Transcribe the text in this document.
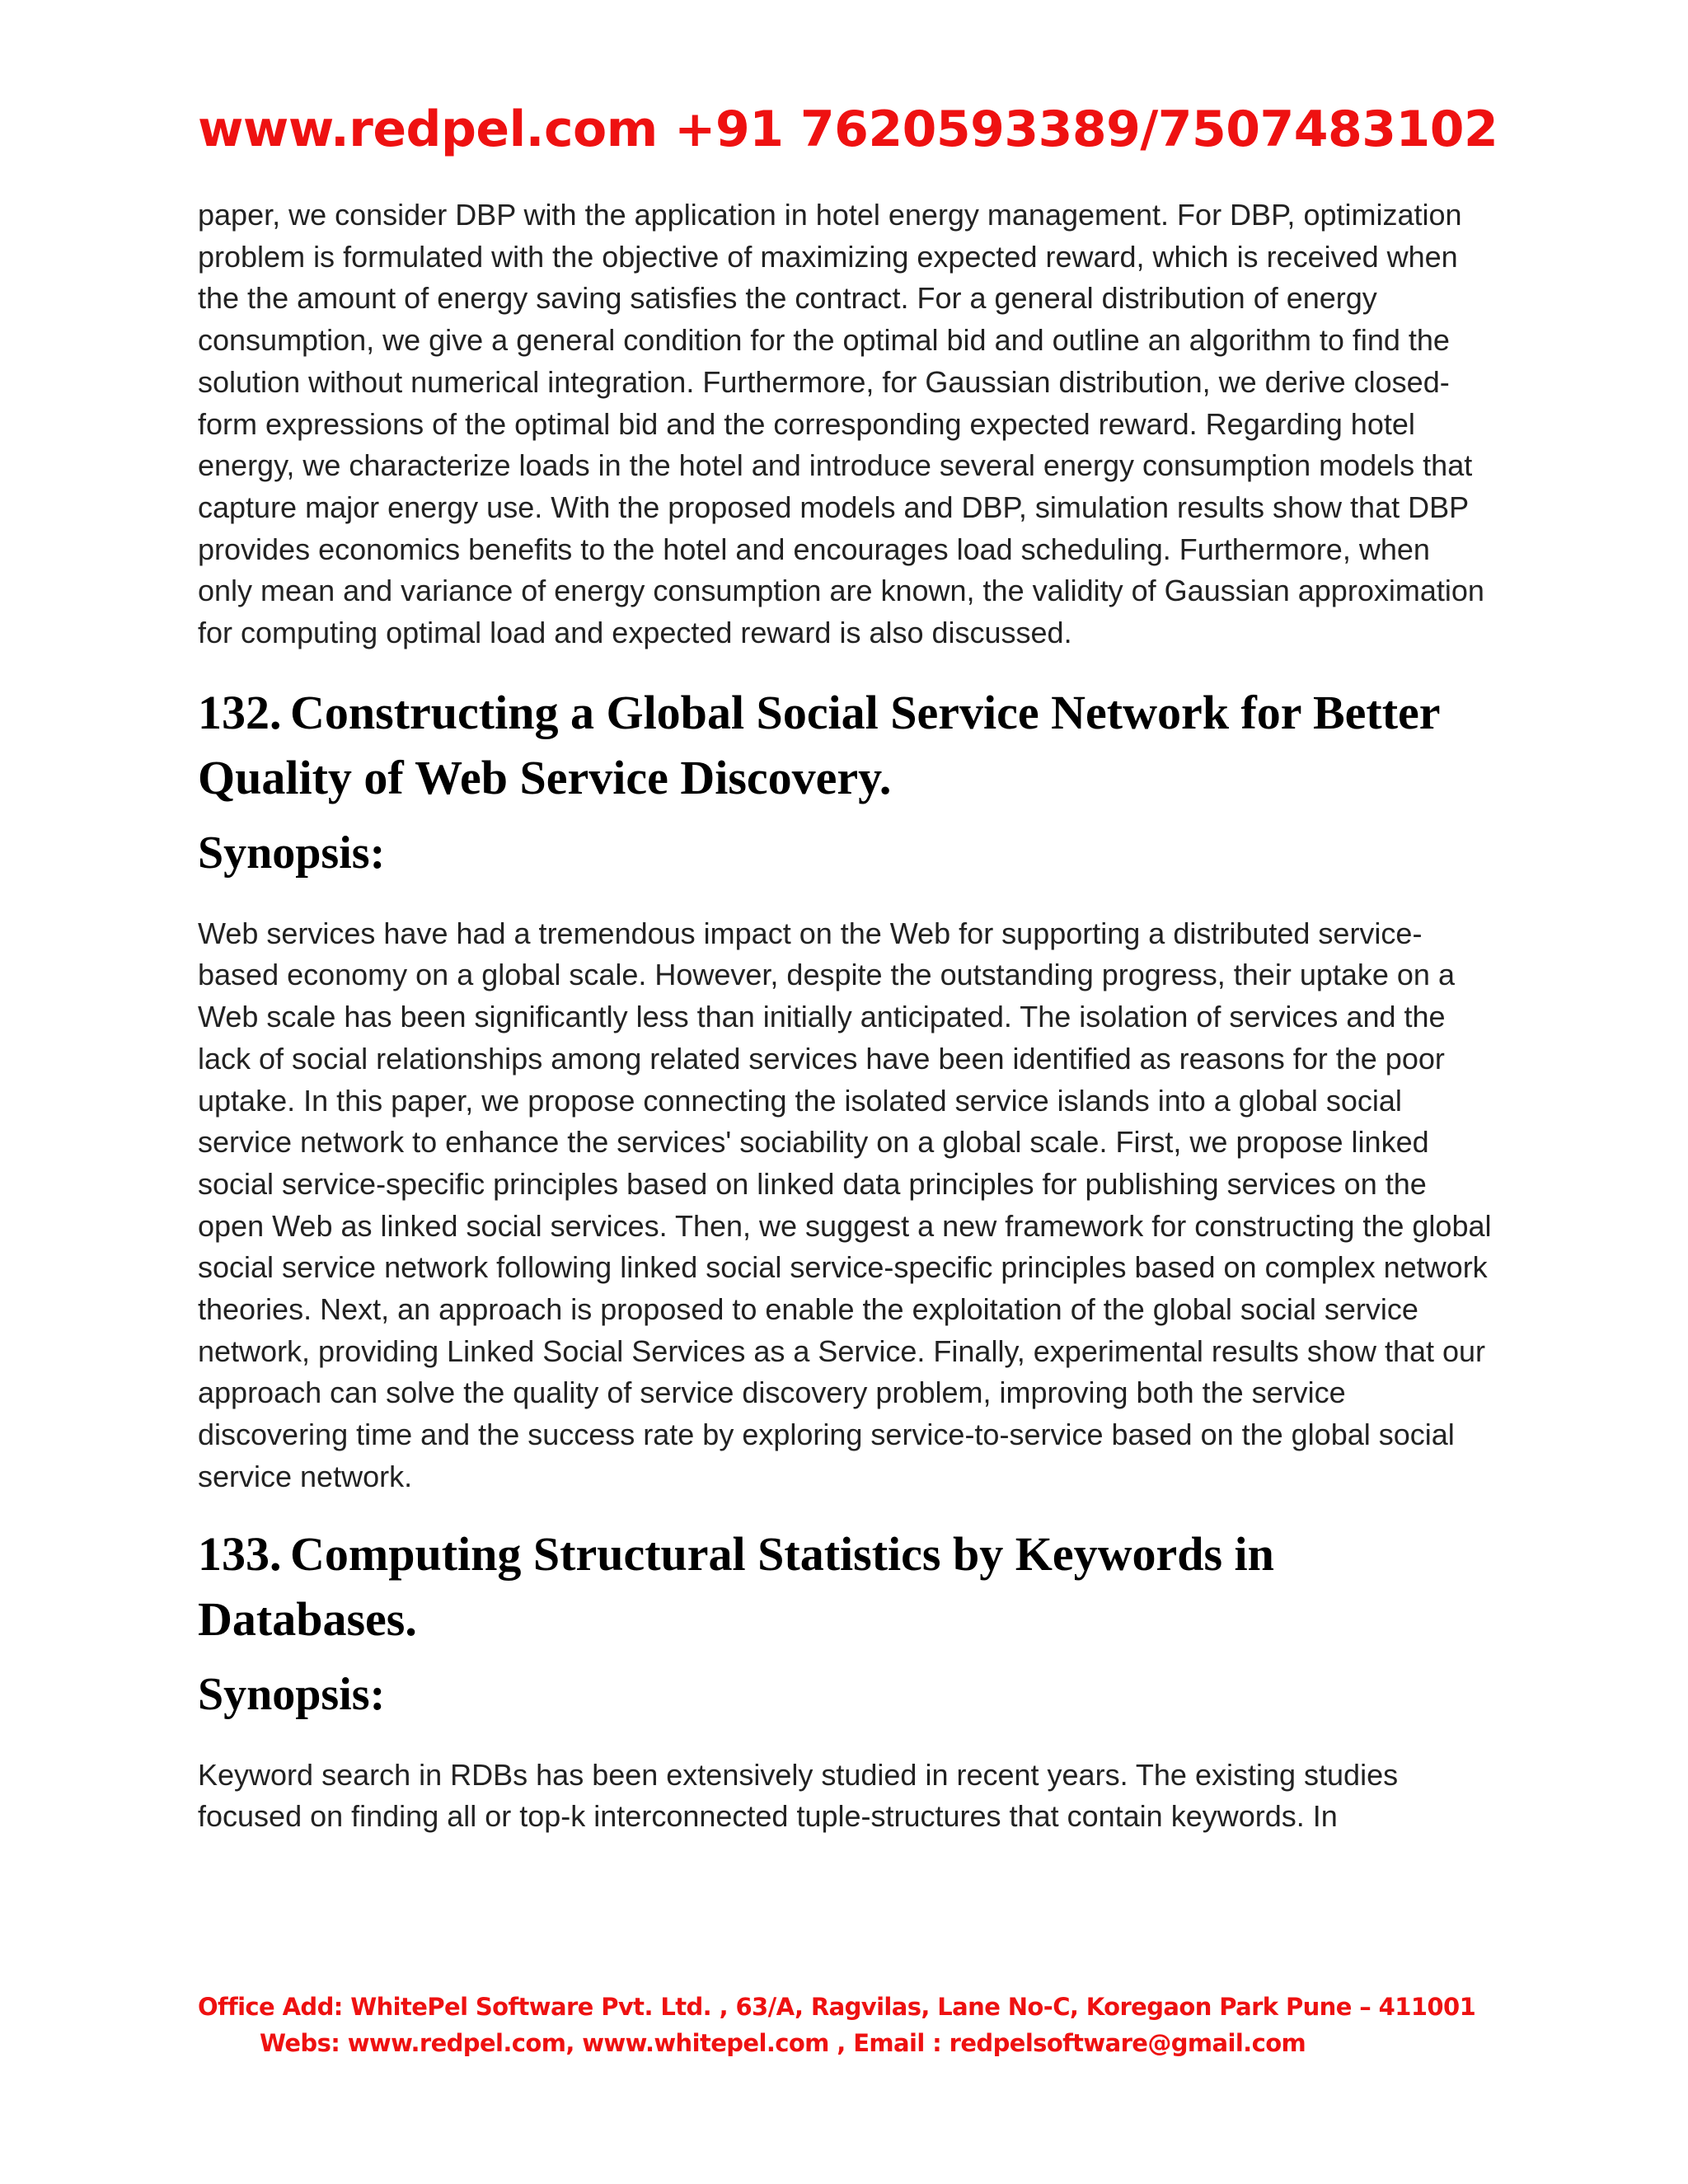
www.redpel.com +91 7620593389/7507483102

paper, we consider DBP with the application in hotel energy management. For DBP, optimization problem is formulated with the objective of maximizing expected reward, which is received when the the amount of energy saving satisfies the contract. For a general distribution of energy consumption, we give a general condition for the optimal bid and outline an algorithm to find the solution without numerical integration. Furthermore, for Gaussian distribution, we derive closed-form expressions of the optimal bid and the corresponding expected reward. Regarding hotel energy, we characterize loads in the hotel and introduce several energy consumption models that capture major energy use. With the proposed models and DBP, simulation results show that DBP provides economics benefits to the hotel and encourages load scheduling. Furthermore, when only mean and variance of energy consumption are known, the validity of Gaussian approximation for computing optimal load and expected reward is also discussed.

132. Constructing a Global Social Service Network for Better Quality of Web Service Discovery.
Synopsis:

Web services have had a tremendous impact on the Web for supporting a distributed service-based economy on a global scale. However, despite the outstanding progress, their uptake on a Web scale has been significantly less than initially anticipated. The isolation of services and the lack of social relationships among related services have been identified as reasons for the poor uptake. In this paper, we propose connecting the isolated service islands into a global social service network to enhance the services' sociability on a global scale. First, we propose linked social service-specific principles based on linked data principles for publishing services on the open Web as linked social services. Then, we suggest a new framework for constructing the global social service network following linked social service-specific principles based on complex network theories. Next, an approach is proposed to enable the exploitation of the global social service network, providing Linked Social Services as a Service. Finally, experimental results show that our approach can solve the quality of service discovery problem, improving both the service discovering time and the success rate by exploring service-to-service based on the global social service network.

133. Computing Structural Statistics by Keywords in Databases.
Synopsis:

Keyword search in RDBs has been extensively studied in recent years. The existing studies focused on finding all or top-k interconnected tuple-structures that contain keywords. In

Office Add: WhitePel Software Pvt. Ltd. , 63/A, Ragvilas, Lane No-C, Koregaon Park Pune – 411001
Webs: www.redpel.com, www.whitepel.com , Email : redpelsoftware@gmail.com
